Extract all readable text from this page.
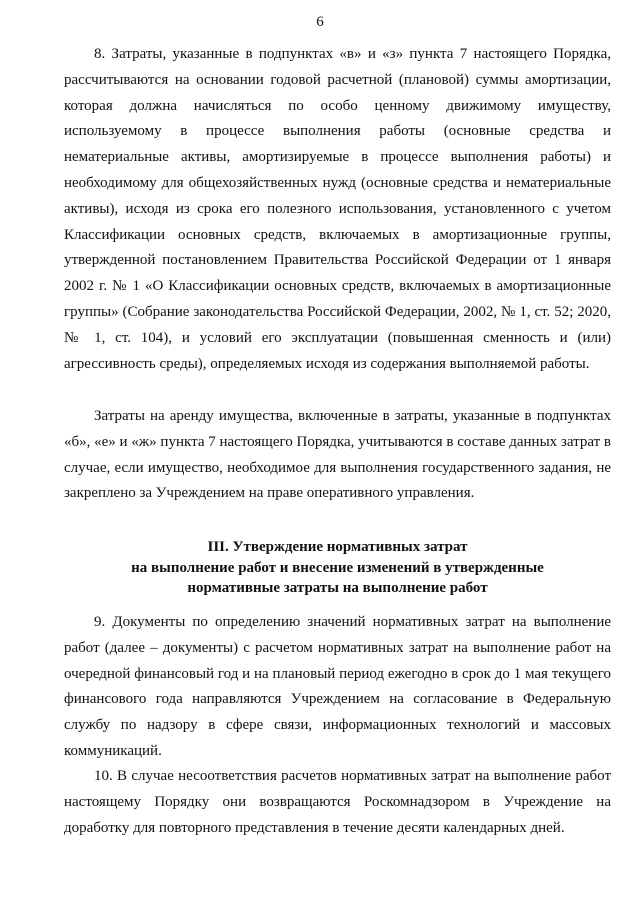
6

8. Затраты, указанные в подпунктах «в» и «з» пункта 7 настоящего Порядка, рассчитываются на основании годовой расчетной (плановой) суммы амортизации, которая должна начисляться по особо ценному движимому имуществу, используемому в процессе выполнения работы (основные средства и нематериальные активы, амортизируемые в процессе выполнения работы) и необходимому для общехозяйственных нужд (основные средства и нематериальные активы), исходя из срока его полезного использования, установленного с учетом Классификации основных средств, включаемых в амортизационные группы, утвержденной постановлением Правительства Российской Федерации от 1 января 2002 г. № 1 «О Классификации основных средств, включаемых в амортизационные группы» (Собрание законодательства Российской Федерации, 2002, № 1, ст. 52; 2020, № 1, ст. 104), и условий его эксплуатации (повышенная сменность и (или) агрессивность среды), определяемых исходя из содержания выполняемой работы.

Затраты на аренду имущества, включенные в затраты, указанные в подпунктах «б», «е» и «ж» пункта 7 настоящего Порядка, учитываются в составе данных затрат в случае, если имущество, необходимое для выполнения государственного задания, не закреплено за Учреждением на праве оперативного управления.

III. Утверждение нормативных затрат
на выполнение работ и внесение изменений в утвержденные
нормативные затраты на выполнение работ

9. Документы по определению значений нормативных затрат на выполнение работ (далее – документы) с расчетом нормативных затрат на выполнение работ на очередной финансовый год и на плановый период ежегодно в срок до 1 мая текущего финансового года направляются Учреждением на согласование в Федеральную службу по надзору в сфере связи, информационных технологий и массовых коммуникаций.

10. В случае несоответствия расчетов нормативных затрат на выполнение работ настоящему Порядку они возвращаются Роскомнадзором в Учреждение на доработку для повторного представления в течение десяти календарных дней.
